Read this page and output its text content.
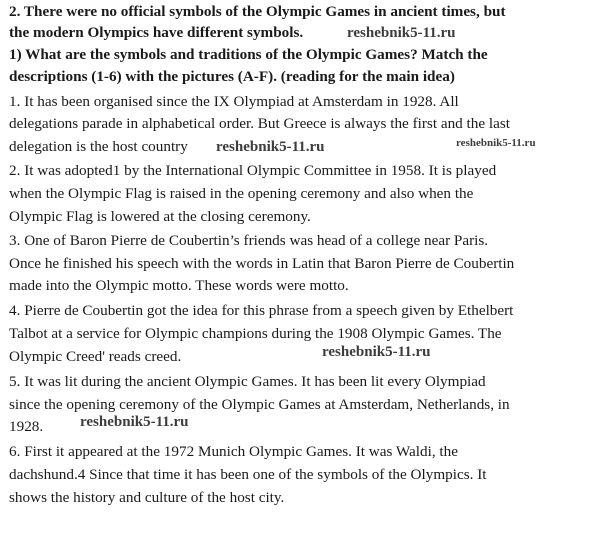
2. There were no official symbols of the Olympic Games in ancient times, but
the modern Olympics have different symbols.
1) What are the symbols and traditions of the Olympic Games? Match the
descriptions (1-6) with the pictures (A-F). (reading for the main idea)
1. It has been organised since the IX Olympiad at Amsterdam in 1928. All
delegations parade in alphabetical order. But Greece is always the first and the last
delegation is the host country
2. It was adopted1 by the International Olympic Committee in 1958. It is played
when the Olympic Flag is raised in the opening ceremony and also when the
Olympic Flag is lowered at the closing ceremony.
3. One of Baron Pierre de Coubertin’s friends was head of a college near Paris.
Once he finished his speech with the words in Latin that Baron Pierre de Coubertin
made into the Olympic motto. These words were motto.
4. Pierre de Coubertin got the idea for this phrase from a speech given by Ethelbert
Talbot at a service for Olympic champions during the 1908 Olympic Games. The
Olympic Creed' reads creed.
5. It was lit during the ancient Olympic Games. It has been lit every Olympiad
since the opening ceremony of the Olympic Games at Amsterdam, Netherlands, in
1928.
6. First it appeared at the 1972 Munich Olympic Games. It was Waldi, the
dachshund.4 Since that time it has been one of the symbols of the Olympics. It
shows the history and culture of the host city.
reshebnik5-11.ru
reshebnik5-11.ru	reshebnik5-11.ru
reshebnik5-11.ru
reshebnik5-11.ru
